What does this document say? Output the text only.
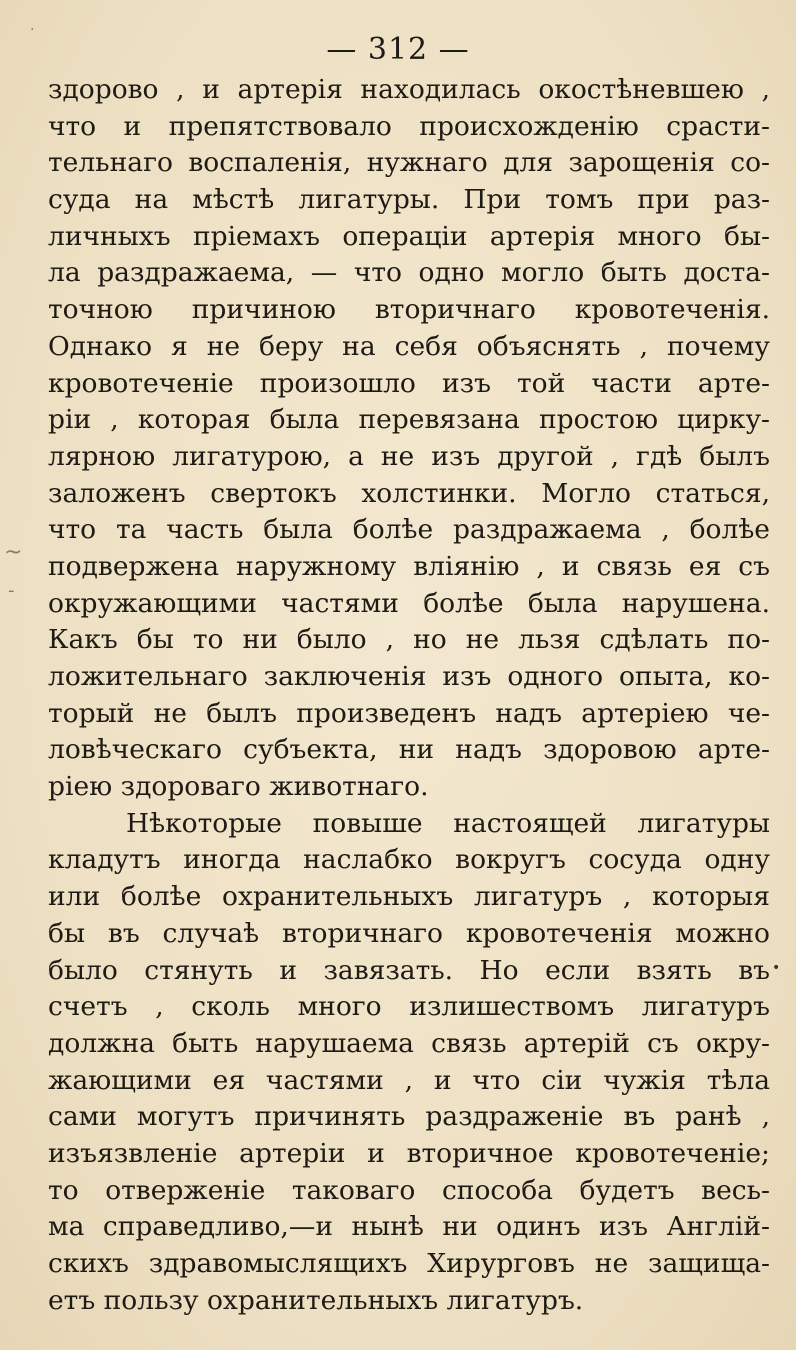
— 312 —
здорово , и артерія находилась окостѣневшею ,
что и препятствовало происхожденію срасти-
тельнаго воспаленія, нужнаго для зарощенія со-
суда на мѣстѣ лигатуры. При томъ при раз-
личныхъ пріемахъ операціи артерія много бы-
ла раздражаема, — что одно могло быть доста-
точною причиною вторичнаго кровотеченія.
Однако я не беру на себя объяснять , почему
кровотеченіе произошло изъ той части арте-
ріи , которая была перевязана простою цирку-
лярною лигатурою, а не изъ другой , гдѣ былъ
заложенъ свертокъ холстинки. Могло статься,
что та часть была болѣе раздражаема , болѣе
подвержена наружному вліянію , и связь ея съ
окружающими частями болѣе была нарушена.
Какъ бы то ни было , но не льзя сдѣлать по-
ложительнаго заключенія изъ одного опыта, ко-
торый не былъ произведенъ надъ артеріею че-
ловѣческаго субъекта, ни надъ здоровою арте-
ріею здороваго животнаго.
Нѣкоторые повыше настоящей лигатуры
кладутъ иногда наслабко вокругъ сосуда одну
или болѣе охранительныхъ лигатуръ , которыя
бы въ случаѣ вторичнаго кровотеченія можно
было стянуть и завязать. Но если взять въ
счетъ , сколь много излишествомъ лигатуръ
должна быть нарушаема связь артерій съ окру-
жающими ея частями , и что сіи чужія тѣла
сами могутъ причинять раздраженіе въ ранѣ ,
изъязвленіе артеріи и вторичное кровотеченіе;
то отверженіе таковаго способа будетъ весь-
ма справедливо,—и нынѣ ни одинъ изъ Англій-
скихъ здравомыслящихъ Хирурговъ не защища-
етъ пользу охранительныхъ лигатуръ.
·
~
-
•
